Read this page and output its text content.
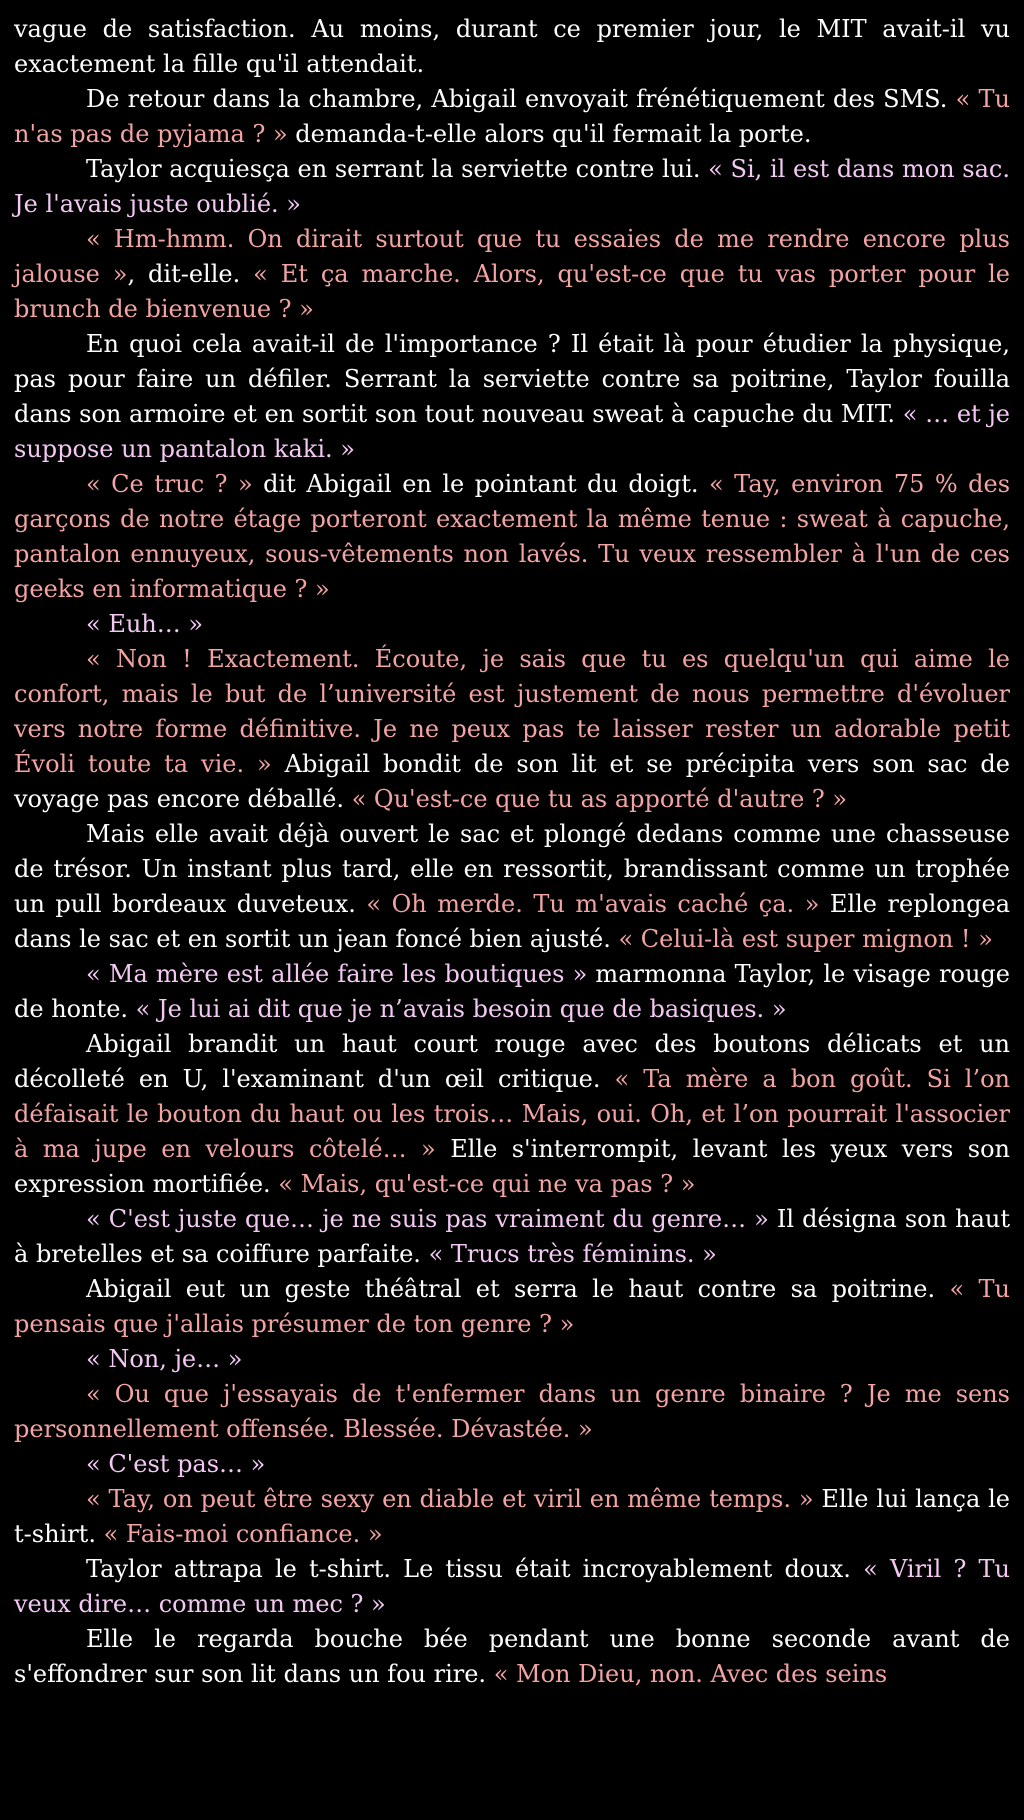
vague de satisfaction. Au moins, durant ce premier jour, le MIT avait-il vu exactement la fille qu'il attendait.

De retour dans la chambre, Abigail envoyait frénétiquement des SMS. « Tu n'as pas de pyjama ? » demanda-t-elle alors qu'il fermait la porte.

Taylor acquiesça en serrant la serviette contre lui. « Si, il est dans mon sac. Je l'avais juste oublié. »

« Hm-hmm. On dirait surtout que tu essaies de me rendre encore plus jalouse », dit-elle. « Et ça marche. Alors, qu'est-ce que tu vas porter pour le brunch de bienvenue ? »

En quoi cela avait-il de l'importance ? Il était là pour étudier la physique, pas pour faire un défiler. Serrant la serviette contre sa poitrine, Taylor fouilla dans son armoire et en sortit son tout nouveau sweat à capuche du MIT. « … et je suppose un pantalon kaki. »

« Ce truc ? » dit Abigail en le pointant du doigt. « Tay, environ 75 % des garçons de notre étage porteront exactement la même tenue : sweat à capuche, pantalon ennuyeux, sous-vêtements non lavés. Tu veux ressembler à l'un de ces geeks en informatique ? »

« Euh… »

« Non ! Exactement. Écoute, je sais que tu es quelqu'un qui aime le confort, mais le but de l’université est justement de nous permettre d'évoluer vers notre forme définitive. Je ne peux pas te laisser rester un adorable petit Évoli toute ta vie. » Abigail bondit de son lit et se précipita vers son sac de voyage pas encore déballé. « Qu'est-ce que tu as apporté d'autre ? »

Mais elle avait déjà ouvert le sac et plongé dedans comme une chasseuse de trésor. Un instant plus tard, elle en ressortit, brandissant comme un trophée un pull bordeaux duveteux. « Oh merde. Tu m'avais caché ça. » Elle replongea dans le sac et en sortit un jean foncé bien ajusté. « Celui-là est super mignon ! »

« Ma mère est allée faire les boutiques » marmonna Taylor, le visage rouge de honte. « Je lui ai dit que je n’avais besoin que de basiques. »

Abigail brandit un haut court rouge avec des boutons délicats et un décolleté en U, l'examinant d'un œil critique. « Ta mère a bon goût. Si l’on défaisait le bouton du haut ou les trois… Mais, oui. Oh, et l’on pourrait l'associer à ma jupe en velours côtelé… » Elle s'interrompit, levant les yeux vers son expression mortifiée. « Mais, qu'est-ce qui ne va pas ? »

« C'est juste que… je ne suis pas vraiment du genre… » Il désigna son haut à bretelles et sa coiffure parfaite. « Trucs très féminins. »

Abigail eut un geste théâtral et serra le haut contre sa poitrine. « Tu pensais que j'allais présumer de ton genre ? »

« Non, je… »

« Ou que j'essayais de t'enfermer dans un genre binaire ? Je me sens personnellement offensée. Blessée. Dévastée. »

« C'est pas… »

« Tay, on peut être sexy en diable et viril en même temps. » Elle lui lança le t-shirt. « Fais-moi confiance. »

Taylor attrapa le t-shirt. Le tissu était incroyablement doux. « Viril ? Tu veux dire… comme un mec ? »

Elle le regarda bouche bée pendant une bonne seconde avant de s'effondrer sur son lit dans un fou rire. « Mon Dieu, non. Avec des seins
